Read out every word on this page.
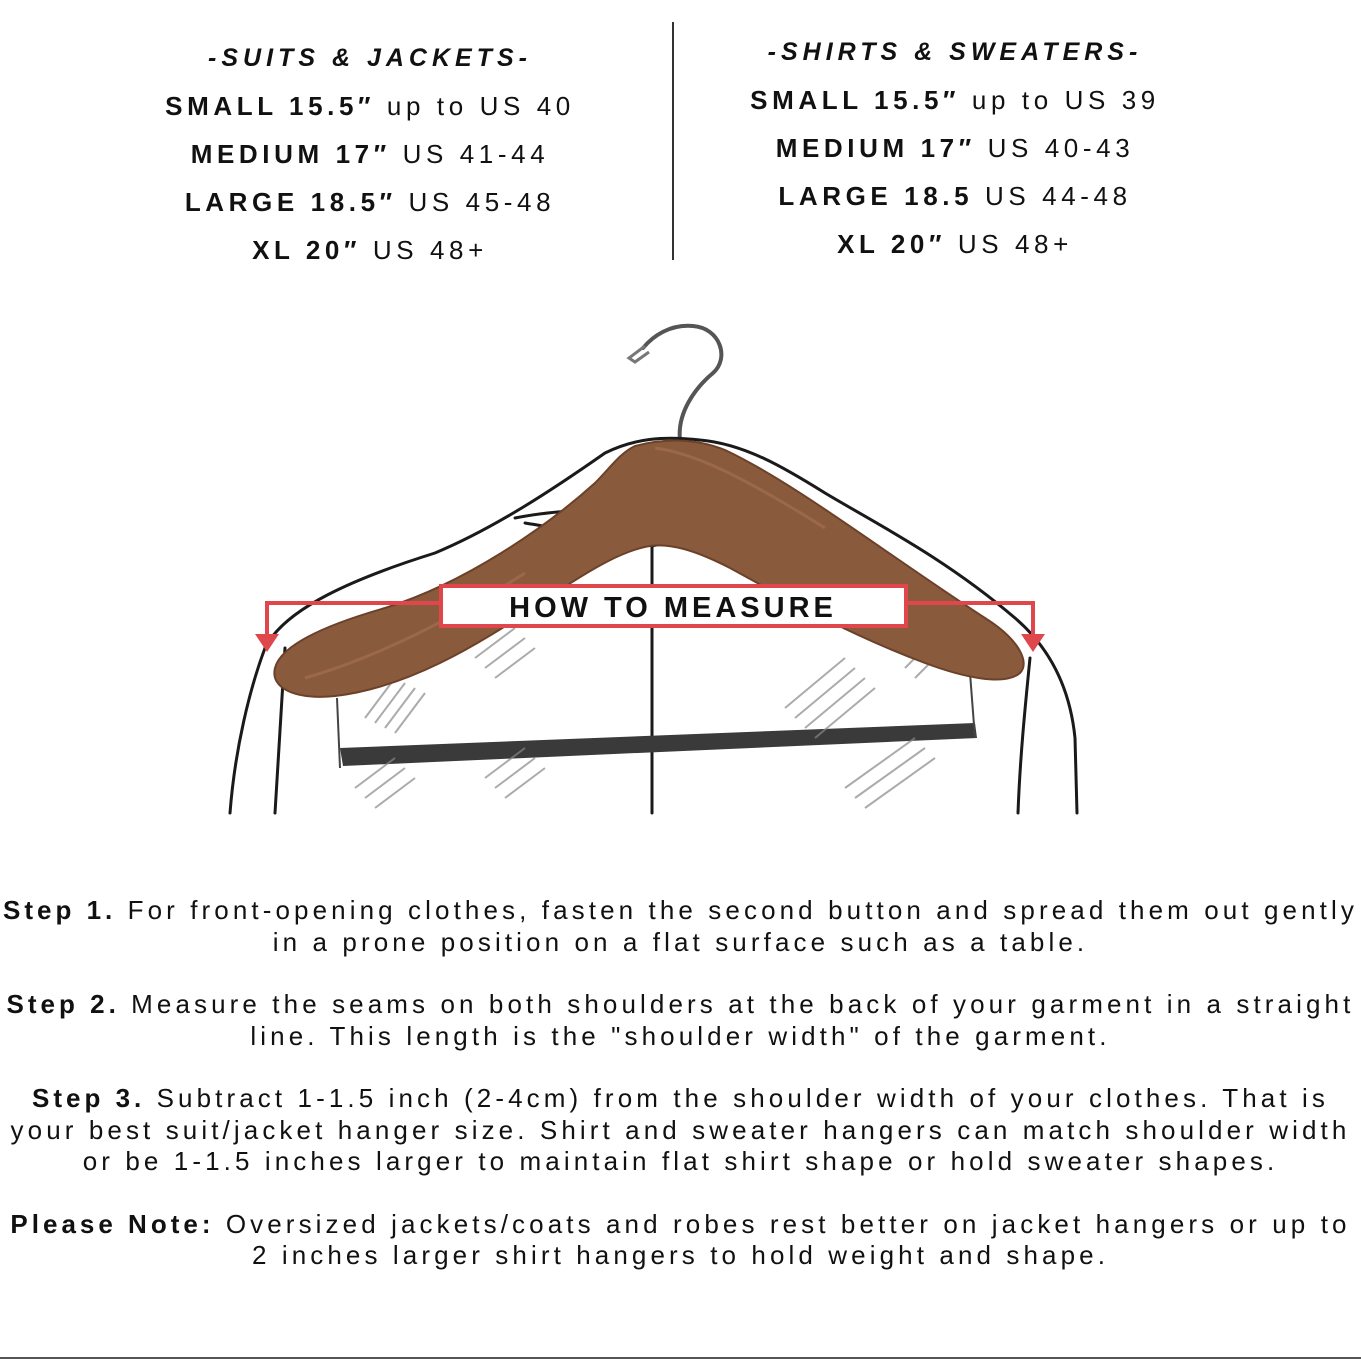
-SUITS & JACKETS-
SMALL 15.5″ up to US 40
MEDIUM 17″ US 41-44
LARGE 18.5″ US 45-48
XL 20″ US 48+
-SHIRTS & SWEATERS-
SMALL 15.5″ up to US 39
MEDIUM 17″ US 40-43
LARGE 18.5 US 44-48
XL 20″ US 48+
HOW TO MEASURE

Step 1. For front-opening clothes, fasten the second button and spread them out gently in a prone position on a flat surface such as a table.

Step 2. Measure the seams on both shoulders at the back of your garment in a straight line. This length is the "shoulder width" of the garment.

Step 3. Subtract 1-1.5 inch (2-4cm) from the shoulder width of your clothes. That is your best suit/jacket hanger size. Shirt and sweater hangers can match shoulder width or be 1-1.5 inches larger to maintain flat shirt shape or hold sweater shapes.

Please Note: Oversized jackets/coats and robes rest better on jacket hangers or up to 2 inches larger shirt hangers to hold weight and shape.
